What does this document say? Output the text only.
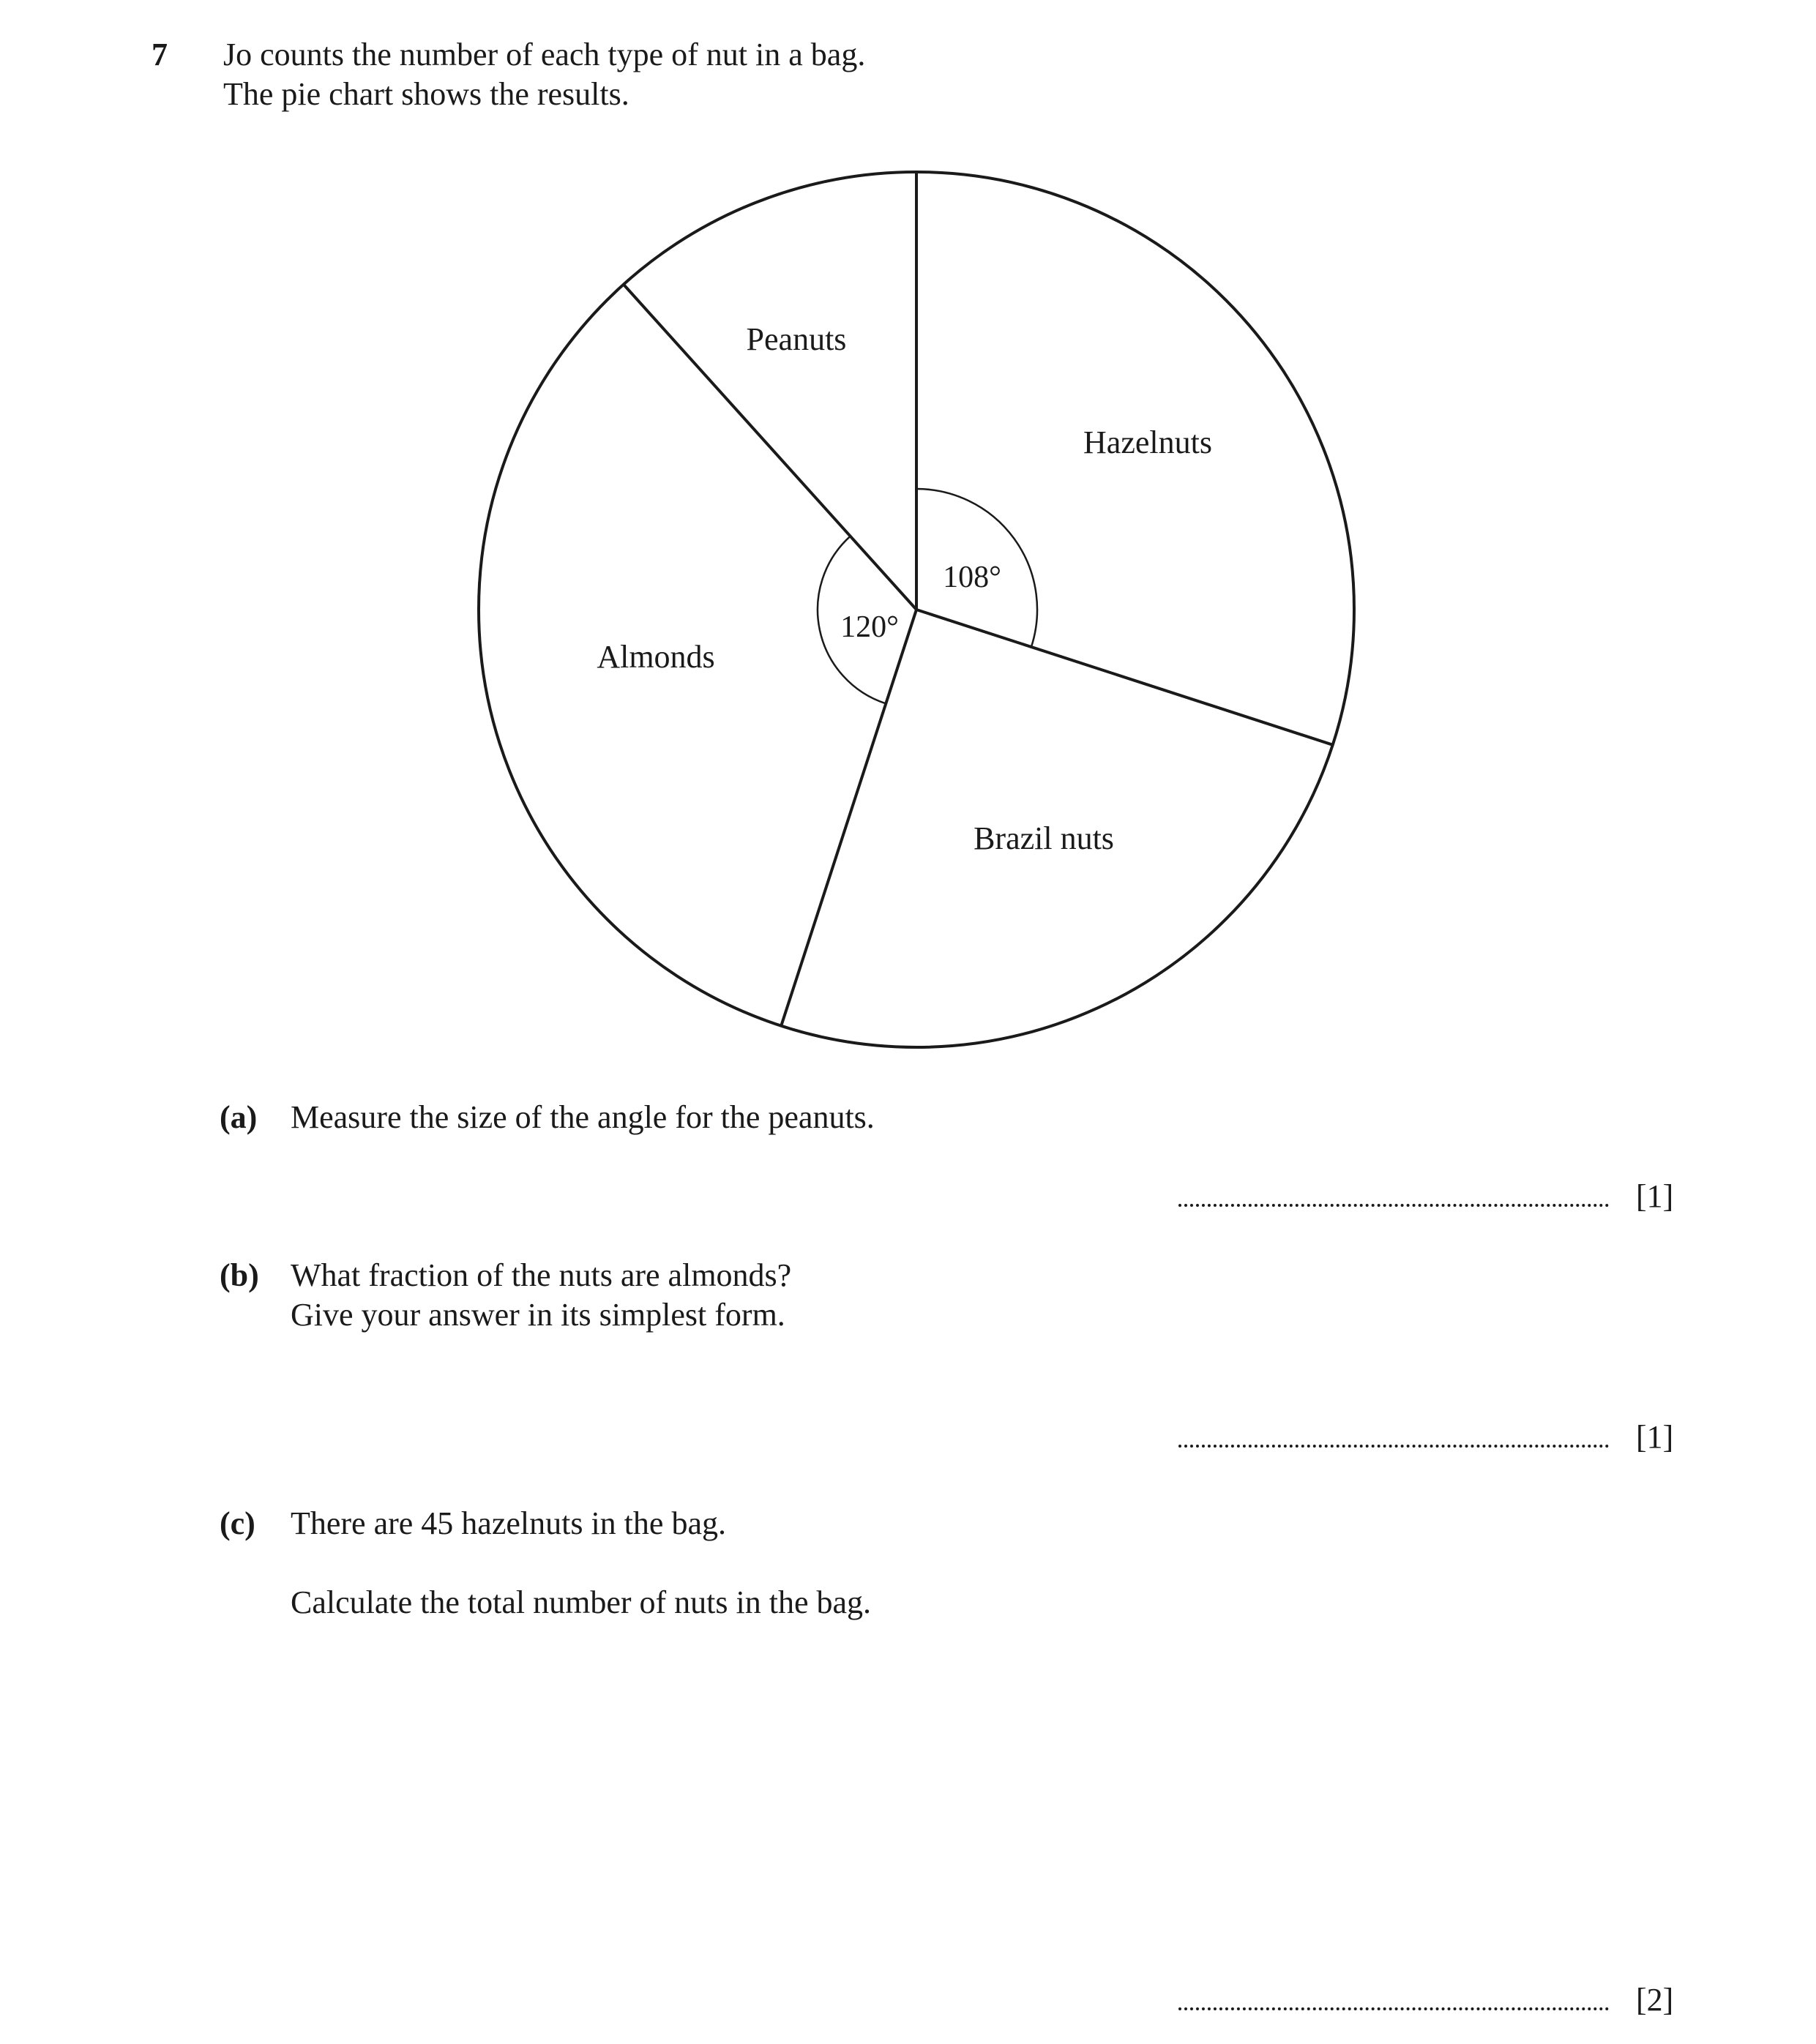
7 Jo counts the number of each type of nut in a bag.
The pie chart shows the results.
Hazelnuts
Brazil nuts
Almonds
Peanuts
108°
120°
(a) Measure the size of the angle for the peanuts.
[1]
(b) What fraction of the nuts are almonds?
Give your answer in its simplest form.
[1]
(c) There are 45 hazelnuts in the bag.
Calculate the total number of nuts in the bag.
[2]
